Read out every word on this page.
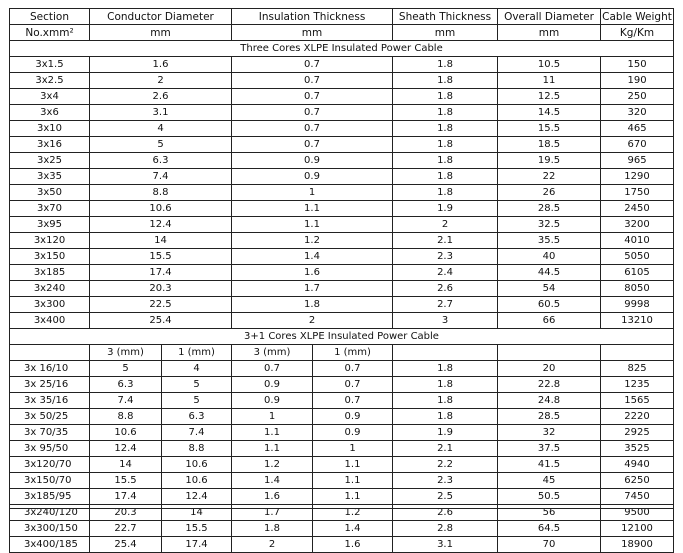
Section	Conductor Diameter		Insulation Thickness		Sheath Thickness	Overall Diameter	Cable Weight
No.xmm²	mm		mm		mm	mm	Kg/Km
Three Cores XLPE Insulated Power Cable							
3x1.5	1.6		0.7		1.8	10.5	150
3x2.5	2		0.7		1.8	11	190
3x4	2.6		0.7		1.8	12.5	250
3x6	3.1		0.7		1.8	14.5	320
3x10	4		0.7		1.8	15.5	465
3x16	5		0.7		1.8	18.5	670
3x25	6.3		0.9		1.8	19.5	965
3x35	7.4		0.9		1.8	22	1290
3x50	8.8		1		1.8	26	1750
3x70	10.6		1.1		1.9	28.5	2450
3x95	12.4		1.1		2	32.5	3200
3x120	14		1.2		2.1	35.5	4010
3x150	15.5		1.4		2.3	40	5050
3x185	17.4		1.6		2.4	44.5	6105
3x240	20.3		1.7		2.6	54	8050
3x300	22.5		1.8		2.7	60.5	9998
3x400	25.4		2		3	66	13210
3+1 Cores XLPE Insulated Power Cable							
	3 (mm)	1 (mm)	3 (mm)	1 (mm)			
3x 16/10	5	4	0.7	0.7	1.8	20	825
3x 25/16	6.3	5	0.9	0.7	1.8	22.8	1235
3x 35/16	7.4	5	0.9	0.7	1.8	24.8	1565
3x 50/25	8.8	6.3	1	0.9	1.8	28.5	2220
3x 70/35	10.6	7.4	1.1	0.9	1.9	32	2925
3x 95/50	12.4	8.8	1.1	1	2.1	37.5	3525
3x120/70	14	10.6	1.2	1.1	2.2	41.5	4940
3x150/70	15.5	10.6	1.4	1.1	2.3	45	6250
3x185/95	17.4	12.4	1.6	1.1	2.5	50.5	7450
3x240/120	20.3	14	1.7	1.2	2.6	56	9500
3x300/150	22.7	15.5	1.8	1.4	2.8	64.5	12100
3x400/185	25.4	17.4	2	1.6	3.1	70	18900
